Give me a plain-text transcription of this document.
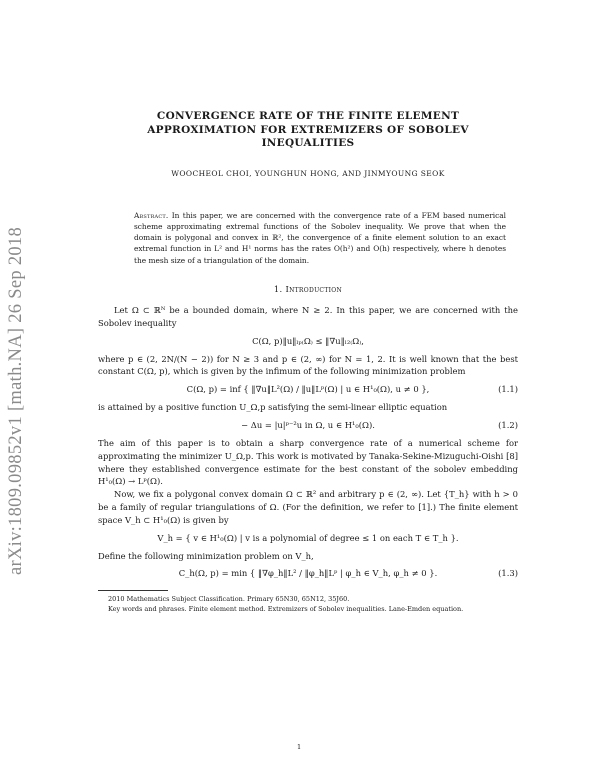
arXiv:1809.09852v1 [math.NA] 26 Sep 2018
CONVERGENCE RATE OF THE FINITE ELEMENT
APPROXIMATION FOR EXTREMIZERS OF SOBOLEV
INEQUALITIES
WOOCHEOL CHOI, YOUNGHUN HONG, AND JINMYOUNG SEOK
Abstract. In this paper, we are concerned with the convergence rate of a FEM based numerical scheme approximating extremal functions of the Sobolev inequality. We prove that when the domain is polygonal and convex in ℝ², the convergence of a finite element solution to an exact extremal function in L² and H¹ norms has the rates O(h²) and O(h) respectively, where h denotes the mesh size of a triangulation of the domain.
1. Introduction

Let Ω ⊂ ℝᴺ be a bounded domain, where N ≥ 2. In this paper, we are concerned with the Sobolev inequality

C(Ω, p)‖u‖ₗₚ₍Ω₎ ≤ ‖∇u‖ₗ₂₍Ω₎,

where p ∈ (2, 2N/(N − 2)) for N ≥ 3 and p ∈ (2, ∞) for N = 1, 2. It is well known that the best constant C(Ω, p), which is given by the infimum of the following minimization problem

C(Ω, p) = inf { ‖∇u‖L²(Ω) / ‖u‖Lᵖ(Ω) | u ∈ H¹₀(Ω), u ≠ 0 },	(1.1)

is attained by a positive function U_Ω,p satisfying the semi-linear elliptic equation

− Δu = |u|ᵖ⁻²u in Ω, u ∈ H¹₀(Ω).	(1.2)

The aim of this paper is to obtain a sharp convergence rate of a numerical scheme for approximating the minimizer U_Ω,p. This work is motivated by Tanaka-Sekine-Mizuguchi-Oishi [8] where they established convergence estimate for the best constant of the sobolev embedding H¹₀(Ω) → Lᵖ(Ω).

Now, we fix a polygonal convex domain Ω ⊂ ℝ² and arbitrary p ∈ (2, ∞). Let {T_h} with h > 0 be a family of regular triangulations of Ω. (For the definition, we refer to [1].) The finite element space V_h ⊂ H¹₀(Ω) is given by

V_h = { v ∈ H¹₀(Ω) | v is a polynomial of degree ≤ 1 on each T ∈ T_h }.

Define the following minimization problem on V_h,

C_h(Ω, p) = min { ‖∇φ_h‖L² / ‖φ_h‖Lᵖ | φ_h ∈ V_h, φ_h ≠ 0 }.	(1.3)

2010 Mathematics Subject Classification. Primary 65N30, 65N12, 35J60.

Key words and phrases. Finite element method. Extremizers of Sobolev inequalities. Lane-Emden equation.

1
